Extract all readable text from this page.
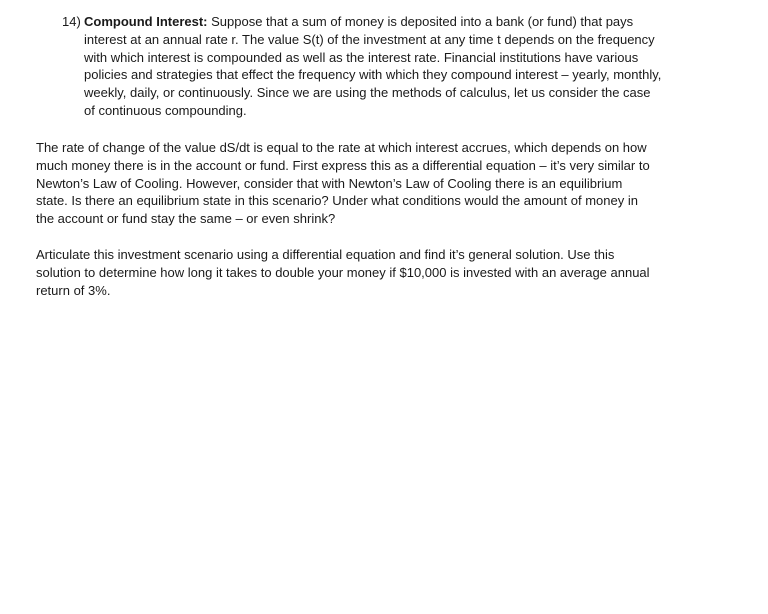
14) Compound Interest: Suppose that a sum of money is deposited into a bank (or fund) that pays interest at an annual rate r. The value S(t) of the investment at any time t depends on the frequency with which interest is compounded as well as the interest rate. Financial institutions have various policies and strategies that effect the frequency with which they compound interest – yearly, monthly, weekly, daily, or continuously. Since we are using the methods of calculus, let us consider the case of continuous compounding.

The rate of change of the value dS/dt is equal to the rate at which interest accrues, which depends on how much money there is in the account or fund. First express this as a differential equation – it’s very similar to Newton’s Law of Cooling. However, consider that with Newton’s Law of Cooling there is an equilibrium state. Is there an equilibrium state in this scenario? Under what conditions would the amount of money in the account or fund stay the same – or even shrink?

Articulate this investment scenario using a differential equation and find it’s general solution. Use this solution to determine how long it takes to double your money if $10,000 is invested with an average annual return of 3%.
